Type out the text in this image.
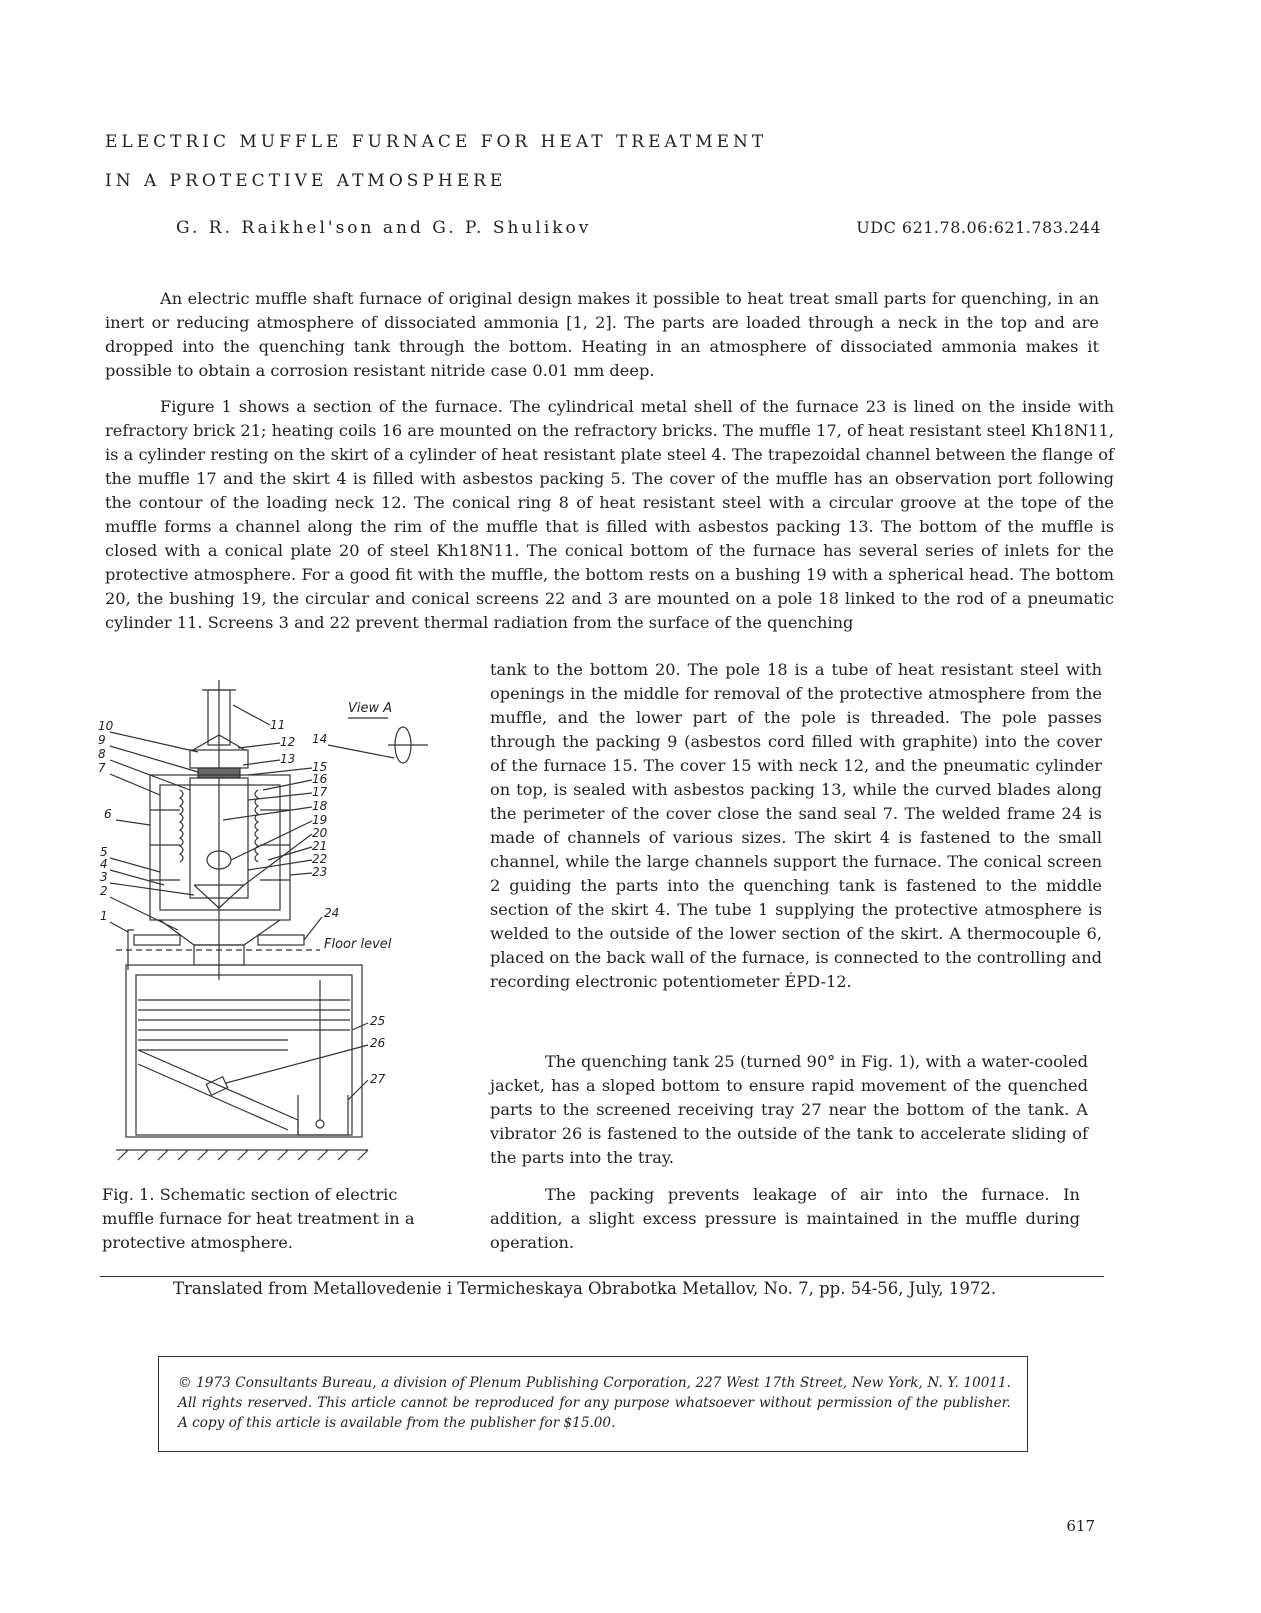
ELECTRIC MUFFLE FURNACE FOR HEAT TREATMENT
IN A PROTECTIVE ATMOSPHERE
G. R. Raikhel'son and G. P. Shulikov	UDC 621.78.06:621.783.244

An electric muffle shaft furnace of original design makes it possible to heat treat small parts for quenching, in an inert or reducing atmosphere of dissociated ammonia [1, 2]. The parts are loaded through a neck in the top and are dropped into the quenching tank through the bottom. Heating in an atmosphere of dissociated ammonia makes it possible to obtain a corrosion resistant nitride case 0.01 mm deep.

Figure 1 shows a section of the furnace. The cylindrical metal shell of the furnace 23 is lined on the inside with refractory brick 21; heating coils 16 are mounted on the refractory bricks. The muffle 17, of heat resistant steel Kh18N11, is a cylinder resting on the skirt of a cylinder of heat resistant plate steel 4. The trapezoidal channel between the flange of the muffle 17 and the skirt 4 is filled with asbestos packing 5. The cover of the muffle has an observation port following the contour of the loading neck 12. The conical ring 8 of heat resistant steel with a circular groove at the tope of the muffle forms a channel along the rim of the muffle that is filled with asbestos packing 13. The bottom of the muffle is closed with a conical plate 20 of steel Kh18N11. The conical bottom of the furnace has several series of inlets for the protective atmosphere. For a good fit with the muffle, the bottom rests on a bushing 19 with a spherical head. The bottom 20, the bushing 19, the circular and conical screens 22 and 3 are mounted on a pole 18 linked to the rod of a pneumatic cylinder 11. Screens 3 and 22 prevent thermal radiation from the surface of the quenching

tank to the bottom 20. The pole 18 is a tube of heat resistant steel with openings in the middle for removal of the protective atmosphere from the muffle, and the lower part of the pole is threaded. The pole passes through the packing 9 (asbestos cord filled with graphite) into the cover of the furnace 15. The cover 15 with neck 12, and the pneumatic cylinder on top, is sealed with asbestos packing 13, while the curved blades along the perimeter of the cover close the sand seal 7. The welded frame 24 is made of channels of various sizes. The skirt 4 is fastened to the small channel, while the large channels support the furnace. The conical screen 2 guiding the parts into the quenching tank is fastened to the middle section of the skirt 4. The tube 1 supplying the protective atmosphere is welded to the outside of the lower section of the skirt. A thermocouple 6, placed on the back wall of the furnace, is connected to the controlling and recording electronic potentiometer ÉPD-12.

The quenching tank 25 (turned 90° in Fig. 1), with a water-cooled jacket, has a sloped bottom to ensure rapid movement of the quenched parts to the screened receiving tray 27 near the bottom of the tank. A vibrator 26 is fastened to the outside of the tank to accelerate sliding of the parts into the tray.

The packing prevents leakage of air into the furnace. In addition, a slight excess pressure is maintained in the muffle during operation.

View A
Floor level
10
9
8
7
6
5
4
3
2
1
11
12
13
14
15
16
17
18
19
20
21
22
23
24
25
26
27

Fig. 1. Schematic section of electric muffle furnace for heat treatment in a protective atmosphere.

Translated from Metallovedenie i Termicheskaya Obrabotka Metallov, No. 7, pp. 54-56, July, 1972.

© 1973 Consultants Bureau, a division of Plenum Publishing Corporation, 227 West 17th Street, New York, N. Y. 10011. All rights reserved. This article cannot be reproduced for any purpose whatsoever without permission of the publisher. A copy of this article is available from the publisher for $15.00.

617
